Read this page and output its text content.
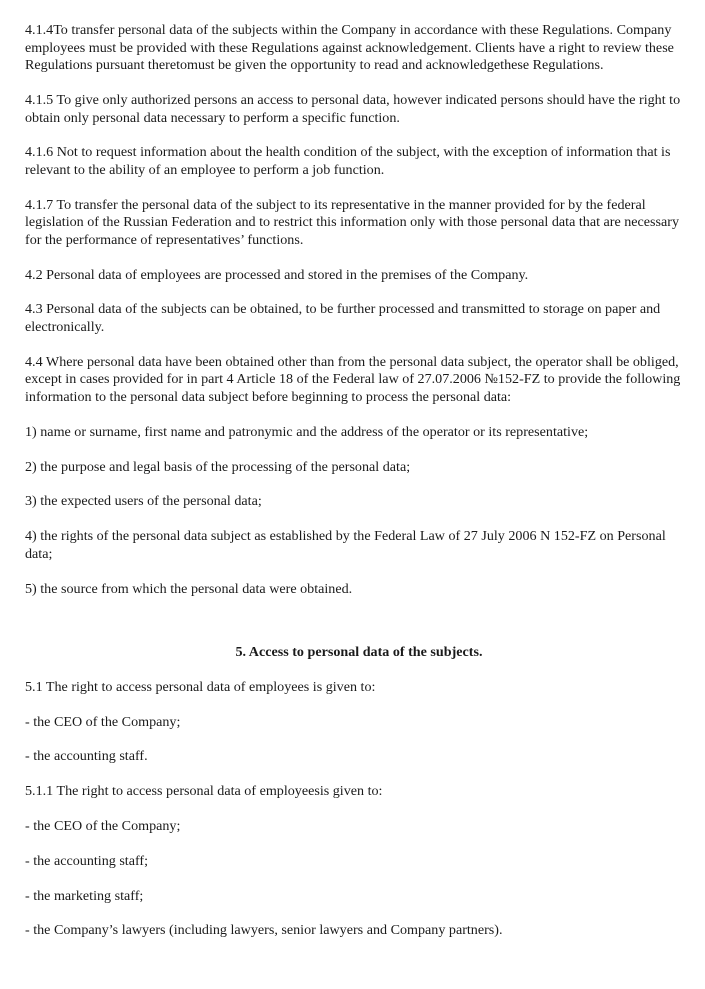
4.1.4To transfer personal data of the subjects within the Company in accordance with these Regulations. Company employees must be provided with these Regulations against acknowledgement. Clients have a right to review these Regulations pursuant theretomust be given the opportunity to read and acknowledgethese Regulations.

4.1.5 To give only authorized persons an access to personal data, however indicated persons should have the right to obtain only personal data necessary to perform a specific function.

4.1.6 Not to request information about the health condition of the subject, with the exception of information that is relevant to the ability of an employee to perform a job function.

4.1.7 To transfer the personal data of the subject to its representative in the manner provided for by the federal legislation of the Russian Federation and to restrict this information only with those personal data that are necessary for the performance of representatives’ functions.

4.2 Personal data of employees are processed and stored in the premises of the Company.

4.3 Personal data of the subjects can be obtained, to be further processed and transmitted to storage on paper and electronically.

4.4 Where personal data have been obtained other than from the personal data subject, the operator shall be obliged, except in cases provided for in part 4 Article 18 of the Federal law of 27.07.2006 №152-FZ to provide the following information to the personal data subject before beginning to process the personal data:

1) name or surname, first name and patronymic and the address of the operator or its representative;

2) the purpose and legal basis of the processing of the personal data;

3) the expected users of the personal data;

4) the rights of the personal data subject as established by the Federal Law of 27 July 2006 N 152-FZ on Personal data;

5) the source from which the personal data were obtained.

5. Access to personal data of the subjects.

5.1 The right to access personal data of employees is given to:

- the CEO of the Company;

- the accounting staff.

5.1.1 The right to access personal data of employeesis given to:

- the CEO of the Company;

- the accounting staff;

- the marketing staff;

- the Company’s lawyers (including lawyers, senior lawyers and Company partners).
